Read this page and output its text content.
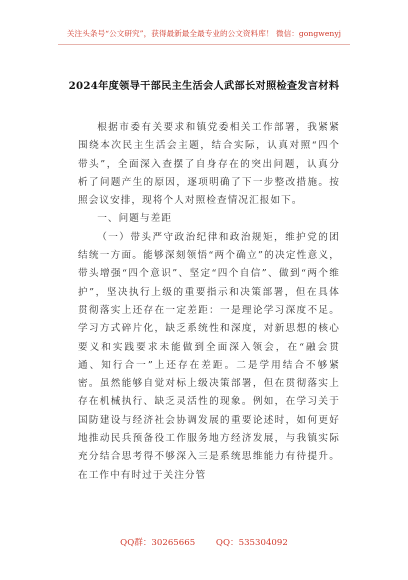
关注头条号“公文研究”，获得最新最全最专业的公文资料库！ 微信：gongwenyj
2024年度领导干部民主生活会人武部长对照检查发言材料

根据市委有关要求和镇党委相关工作部署，我紧紧围绕本次民主生活会主题，结合实际，认真对照“四个带头”，全面深入查摆了自身存在的突出问题，认真分析了问题产生的原因，逐项明确了下一步整改措施。按照会议安排，现将个人对照检查情况汇报如下。

一、问题与差距

（一）带头严守政治纪律和政治规矩，维护党的团结统一方面。能够深刻领悟“两个确立”的决定性意义，带头增强“四个意识”、坚定“四个自信”、做到“两个维护”，坚决执行上级的重要指示和决策部署，但在具体贯彻落实上还存在一定差距：一是理论学习深度不足。学习方式碎片化，缺乏系统性和深度，对新思想的核心要义和实践要求未能做到全面深入领会，在“融会贯通、知行合一”上还存在差距。二是学用结合不够紧密。虽然能够自觉对标上级决策部署，但在贯彻落实上存在机械执行、缺乏灵活性的现象。例如，在学习关于国防建设与经济社会协调发展的重要论述时，如何更好地推动民兵预备役工作服务地方经济发展，与我镇实际充分结合思考得不够深入三是系统思维能力有待提升。在工作中有时过于关注分管

QQ群：30265665 QQ：535304092
